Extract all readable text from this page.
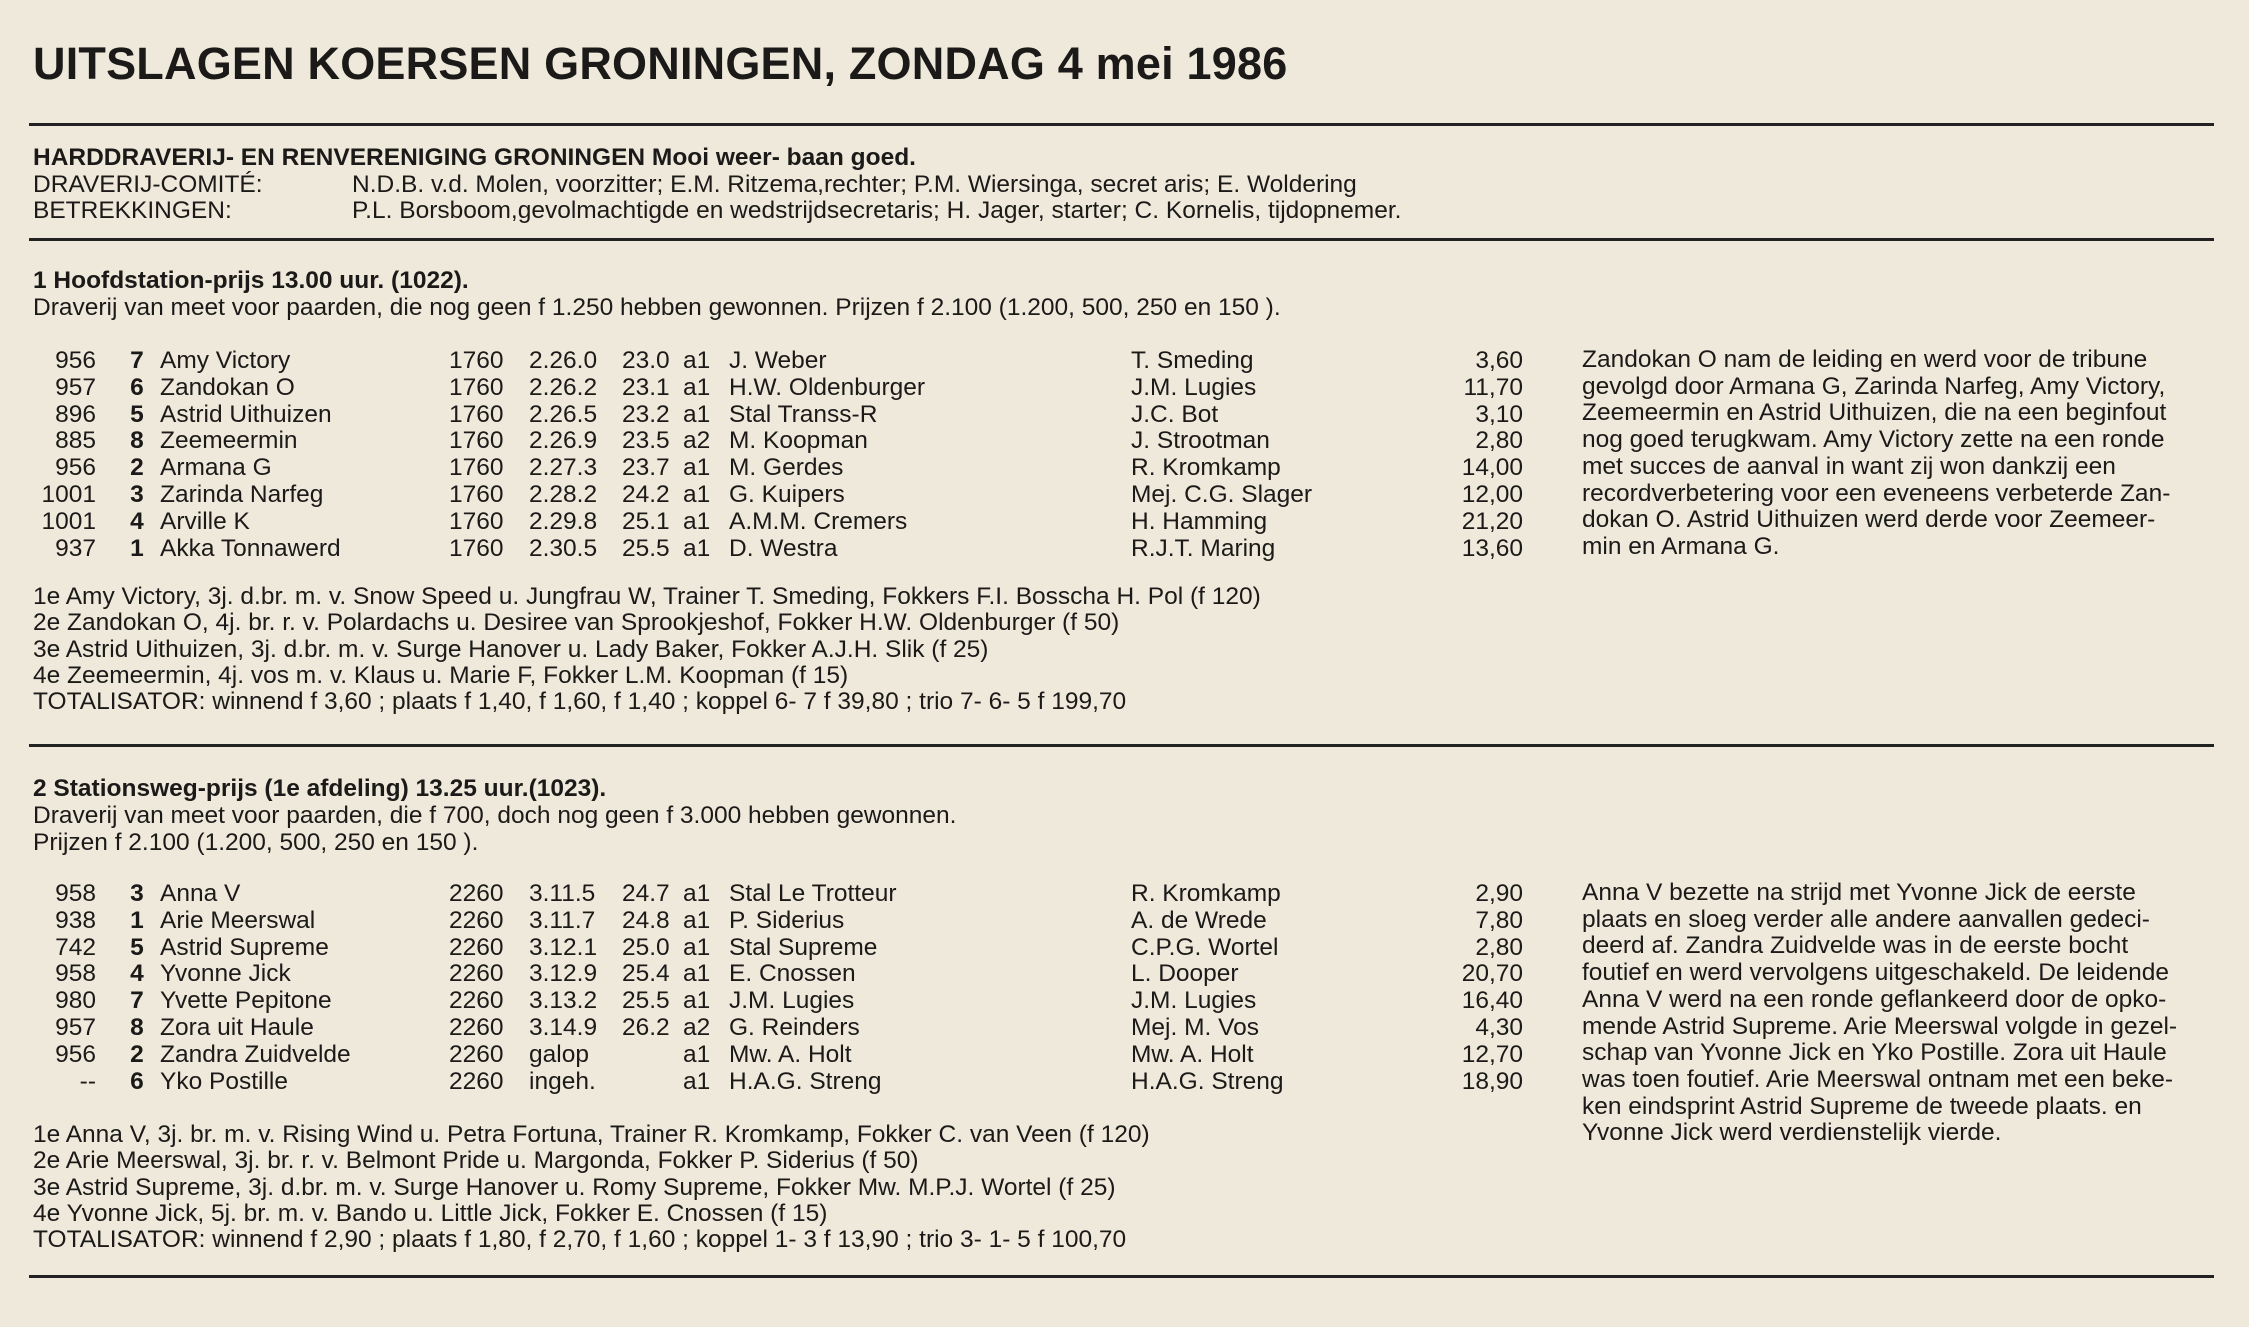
UITSLAGEN KOERSEN GRONINGEN, ZONDAG 4 mei 1986
HARDDRAVERIJ- EN RENVERENIGING GRONINGEN Mooi weer- baan goed.
DRAVERIJ-COMITÉ:	N.D.B. v.d. Molen, voorzitter; E.M. Ritzema,rechter; P.M. Wiersinga, secret aris; E. Woldering
BETREKKINGEN:	P.L. Borsboom,gevolmachtigde en wedstrijdsecretaris; H. Jager, starter; C. Kornelis, tijdopnemer.
1 Hoofdstation-prijs 13.00 uur. (1022).
Draverij van meet voor paarden, die nog geen f 1.250 hebben gewonnen. Prijzen f 2.100 (1.200, 500, 250 en 150 ).
956 7 Amy Victory	1760	2.26.0	23.0 a1 J. Weber	T. Smeding	3,60
957 6 Zandokan O	1760	2.26.2	23.1 a1 H.W. Oldenburger	J.M. Lugies	11,70
896 5 Astrid Uithuizen	1760	2.26.5	23.2 a1 Stal Transs-R	J.C. Bot	3,10
885 8 Zeemeermin	1760	2.26.9	23.5 a2 M. Koopman	J. Strootman	2,80
956 2 Armana G	1760	2.27.3	23.7 a1 M. Gerdes	R. Kromkamp	14,00
1001 3 Zarinda Narfeg	1760	2.28.2	24.2 a1 G. Kuipers	Mej. C.G. Slager	12,00
1001 4 Arville K	1760	2.29.8	25.1 a1 A.M.M. Cremers	H. Hamming	21,20
937 1 Akka Tonnawerd	1760	2.30.5	25.5 a1 D. Westra	R.J.T. Maring	13,60
Zandokan O nam de leiding en werd voor de tribune
gevolgd door Armana G, Zarinda Narfeg, Amy Victory,
Zeemeermin en Astrid Uithuizen, die na een beginfout
nog goed terugkwam. Amy Victory zette na een ronde
met succes de aanval in want zij won dankzij een
recordverbetering voor een eveneens verbeterde Zan-
dokan O. Astrid Uithuizen werd derde voor Zeemeer-
min en Armana G.
1e Amy Victory, 3j. d.br. m. v. Snow Speed u. Jungfrau W, Trainer T. Smeding, Fokkers F.I. Bosscha H. Pol (f 120)
2e Zandokan O, 4j. br. r. v. Polardachs u. Desiree van Sprookjeshof, Fokker H.W. Oldenburger (f 50)
3e Astrid Uithuizen, 3j. d.br. m. v. Surge Hanover u. Lady Baker, Fokker A.J.H. Slik (f 25)
4e Zeemeermin, 4j. vos m. v. Klaus u. Marie F, Fokker L.M. Koopman (f 15)
TOTALISATOR: winnend f 3,60 ; plaats f 1,40, f 1,60, f 1,40 ; koppel 6- 7 f 39,80 ; trio 7- 6- 5 f 199,70
2 Stationsweg-prijs (1e afdeling) 13.25 uur.(1023).
Draverij van meet voor paarden, die f 700, doch nog geen f 3.000 hebben gewonnen.
Prijzen f 2.100 (1.200, 500, 250 en 150 ).
958 3 Anna V	2260	3.11.5	24.7 a1 Stal Le Trotteur	R. Kromkamp	2,90
938 1 Arie Meerswal	2260	3.11.7	24.8 a1 P. Siderius	A. de Wrede	7,80
742 5 Astrid Supreme	2260	3.12.1	25.0 a1 Stal Supreme	C.P.G. Wortel	2,80
958 4 Yvonne Jick	2260	3.12.9	25.4 a1 E. Cnossen	L. Dooper	20,70
980 7 Yvette Pepitone	2260	3.13.2	25.5 a1 J.M. Lugies	J.M. Lugies	16,40
957 8 Zora uit Haule	2260	3.14.9	26.2 a2 G. Reinders	Mej. M. Vos	4,30
956 2 Zandra Zuidvelde	2260	galop	a1 Mw. A. Holt	Mw. A. Holt	12,70
-- 6 Yko Postille	2260	ingeh.	a1 H.A.G. Streng	H.A.G. Streng	18,90
Anna V bezette na strijd met Yvonne Jick de eerste
plaats en sloeg verder alle andere aanvallen gedeci-
deerd af. Zandra Zuidvelde was in de eerste bocht
foutief en werd vervolgens uitgeschakeld. De leidende
Anna V werd na een ronde geflankeerd door de opko-
mende Astrid Supreme. Arie Meerswal volgde in gezel-
schap van Yvonne Jick en Yko Postille. Zora uit Haule
was toen foutief. Arie Meerswal ontnam met een beke-
ken eindsprint Astrid Supreme de tweede plaats. en
Yvonne Jick werd verdienstelijk vierde.
1e Anna V, 3j. br. m. v. Rising Wind u. Petra Fortuna, Trainer R. Kromkamp, Fokker C. van Veen (f 120)
2e Arie Meerswal, 3j. br. r. v. Belmont Pride u. Margonda, Fokker P. Siderius (f 50)
3e Astrid Supreme, 3j. d.br. m. v. Surge Hanover u. Romy Supreme, Fokker Mw. M.P.J. Wortel (f 25)
4e Yvonne Jick, 5j. br. m. v. Bando u. Little Jick, Fokker E. Cnossen (f 15)
TOTALISATOR: winnend f 2,90 ; plaats f 1,80, f 2,70, f 1,60 ; koppel 1- 3 f 13,90 ; trio 3- 1- 5 f 100,70
